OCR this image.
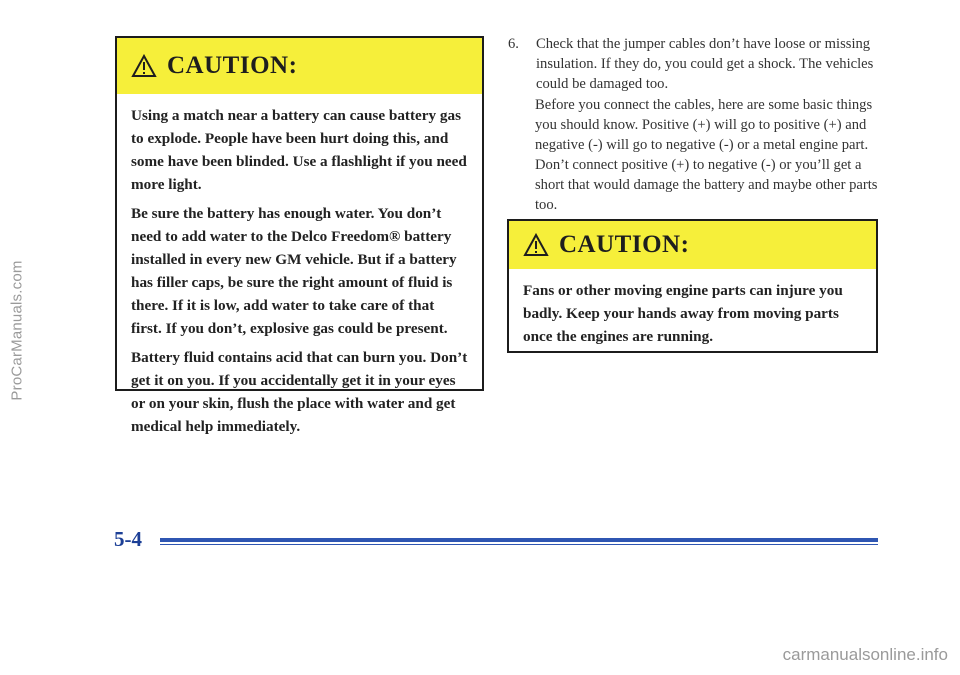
ProCarManuals.com
CAUTION:

Using a match near a battery can cause battery gas to explode. People have been hurt doing this, and some have been blinded. Use a flashlight if you need more light.

Be sure the battery has enough water. You don’t need to add water to the Delco Freedom® battery installed in every new GM vehicle. But if a battery has filler caps, be sure the right amount of fluid is there. If it is low, add water to take care of that first. If you don’t, explosive gas could be present.

Battery fluid contains acid that can burn you. Don’t get it on you. If you accidentally get it in your eyes or on your skin, flush the place with water and get medical help immediately.

6. Check that the jumper cables don’t have loose or missing insulation. If they do, you could get a shock. The vehicles could be damaged too.
Before you connect the cables, here are some basic things you should know. Positive (+) will go to positive (+) and negative (-) will go to negative (-) or a metal engine part. Don’t connect positive (+) to negative (-) or you’ll get a short that would damage the battery and maybe other parts too.
CAUTION:

Fans or other moving engine parts can injure you badly. Keep your hands away from moving parts once the engines are running.

5-4
carmanualsonline.info
